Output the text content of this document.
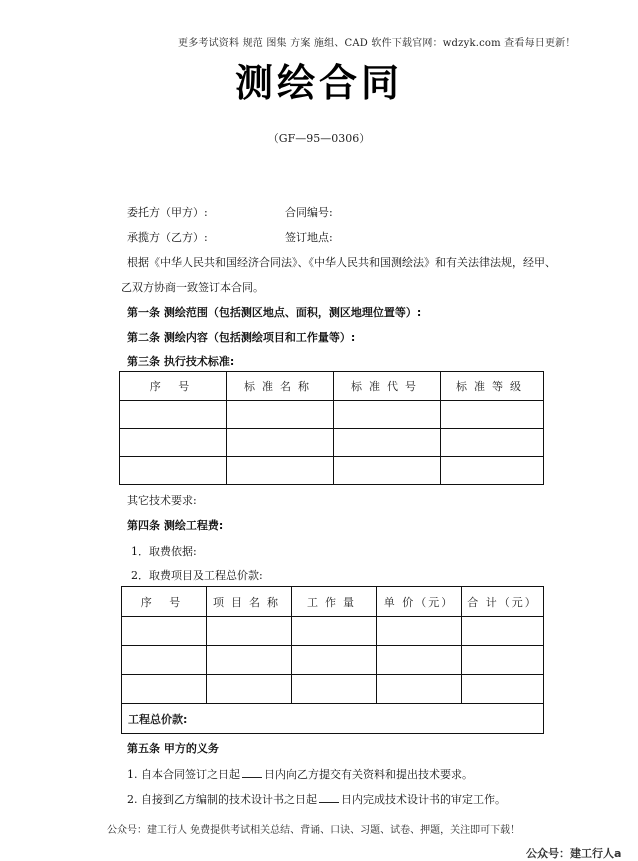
更多考试资料 规范 图集 方案 施组、CAD 软件下载官网：wdzyk.com 查看每日更新！
测绘合同
（GF—95—0306）
委托方（甲方）:	合同编号:
承揽方（乙方）:	签订地点:
根据《中华人民共和国经济合同法》、《中华人民共和国测绘法》和有关法律法规，经甲、
乙双方协商一致签订本合同。
第一条 测绘范围（包括测区地点、面积，测区地理位置等）:
第二条 测绘内容（包括测绘项目和工作量等）:
第三条 执行技术标准:
序 号	标准名称	标准代号	标准等级

其它技术要求:
第四条 测绘工程费:
1．取费依据:
2．取费项目及工程总价款:
序 号	项目名称	工作量	单 价（元）	合 计（元）

工程总价款:				
第五条 甲方的义务
1. 自本合同签订之日起 日内向乙方提交有关资料和提出技术要求。
2. 自接到乙方编制的技术设计书之日起 日内完成技术设计书的审定工作。
公众号：建工行人 免费提供考试相关总结、背诵、口诀、习题、试卷、押题，关注即可下载！
公众号：建工行人a
